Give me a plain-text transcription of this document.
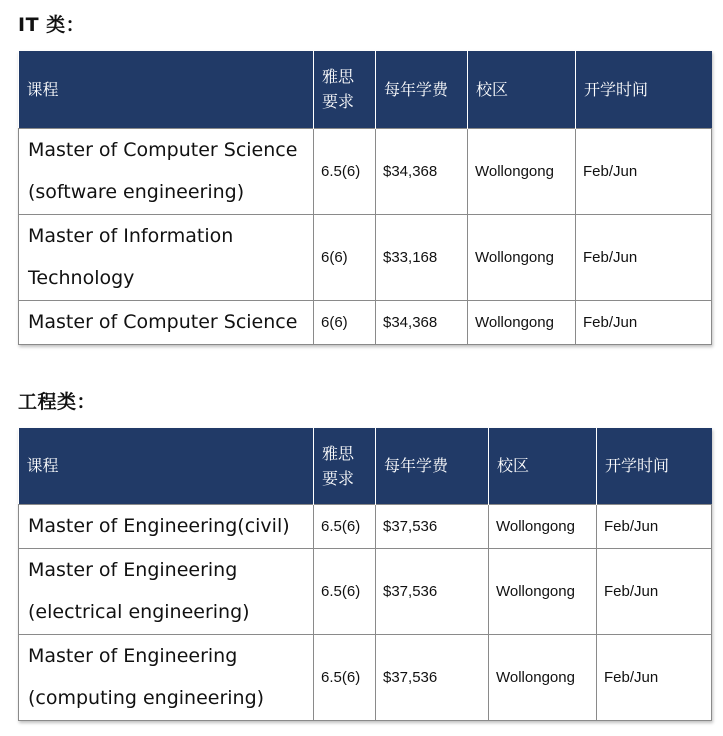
IT 类：
课程	雅思要求	每年学费	校区	开学时间
Master of Computer Science (software engineering)	6.5(6)	$34,368	Wollongong	Feb/Jun
Master of Information Technology	6(6)	$33,168	Wollongong	Feb/Jun
Master of Computer Science	6(6)	$34,368	Wollongong	Feb/Jun
工程类：
课程	雅思要求	每年学费	校区	开学时间
Master of Engineering(civil)	6.5(6)	$37,536	Wollongong	Feb/Jun
Master of Engineering (electrical engineering)	6.5(6)	$37,536	Wollongong	Feb/Jun
Master of Engineering (computing engineering)	6.5(6)	$37,536	Wollongong	Feb/Jun
